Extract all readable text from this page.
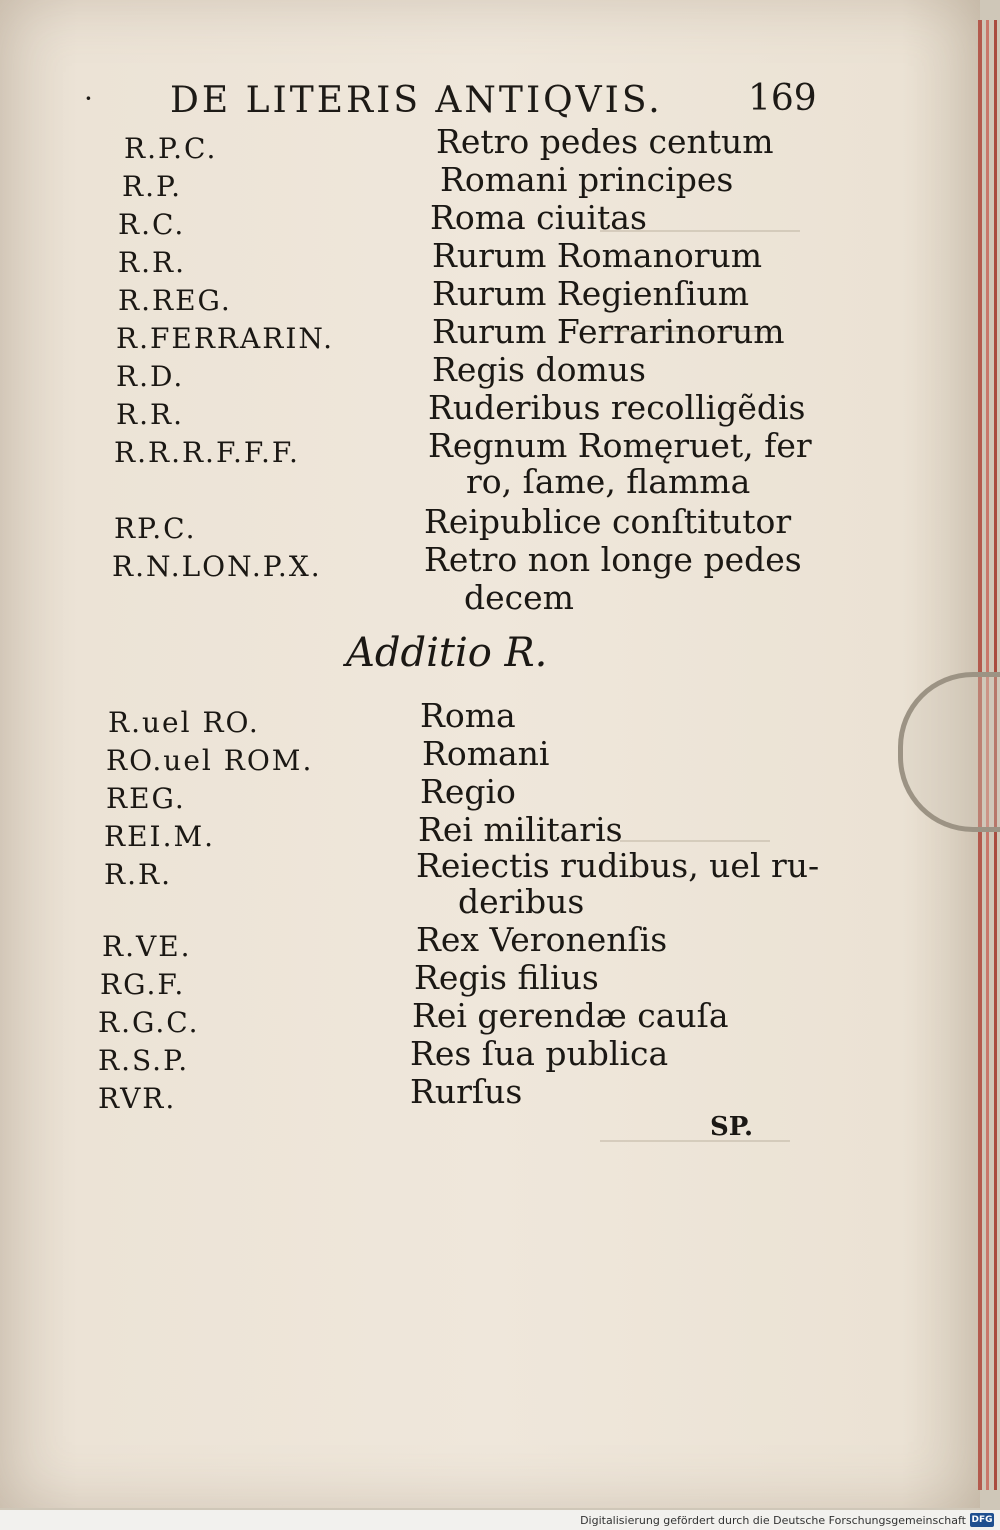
· DE LITERIS ANTIQVIS. 169
R.P.C.	Retro pedes centum
R.P.	Romani principes
R.C.	Roma ciuitas
R.R.	Rurum Romanorum
R.REG.	Rurum Regienſium
R.FERRARIN.	Rurum Ferrarinorum
R.D.	Regis domus
R.R.	Ruderibus recolligẽdis
R.R.R.F.F.F.	Regnum Romęruet, fer
ro, ſame, flamma
RP.C.	Reipublice conſtitutor
R.N.LON.P.X.	Retro non longe pedes
decem
Additio R.
R.uel RO.	Roma
RO.uel ROM.	Romani
REG.	Regio
REI.M.	Rei militaris
R.R.	Reiectis rudibus, uel ru-
deribus
R.VE.	Rex Veronenſis
RG.F.	Regis filius
R.G.C.	Rei gerendæ cauſa
R.S.P.	Res ſua publica
RVR.	Rurſus
SP.
Digitalisierung gefördert durch die Deutsche Forschungsgemeinschaft DFG
